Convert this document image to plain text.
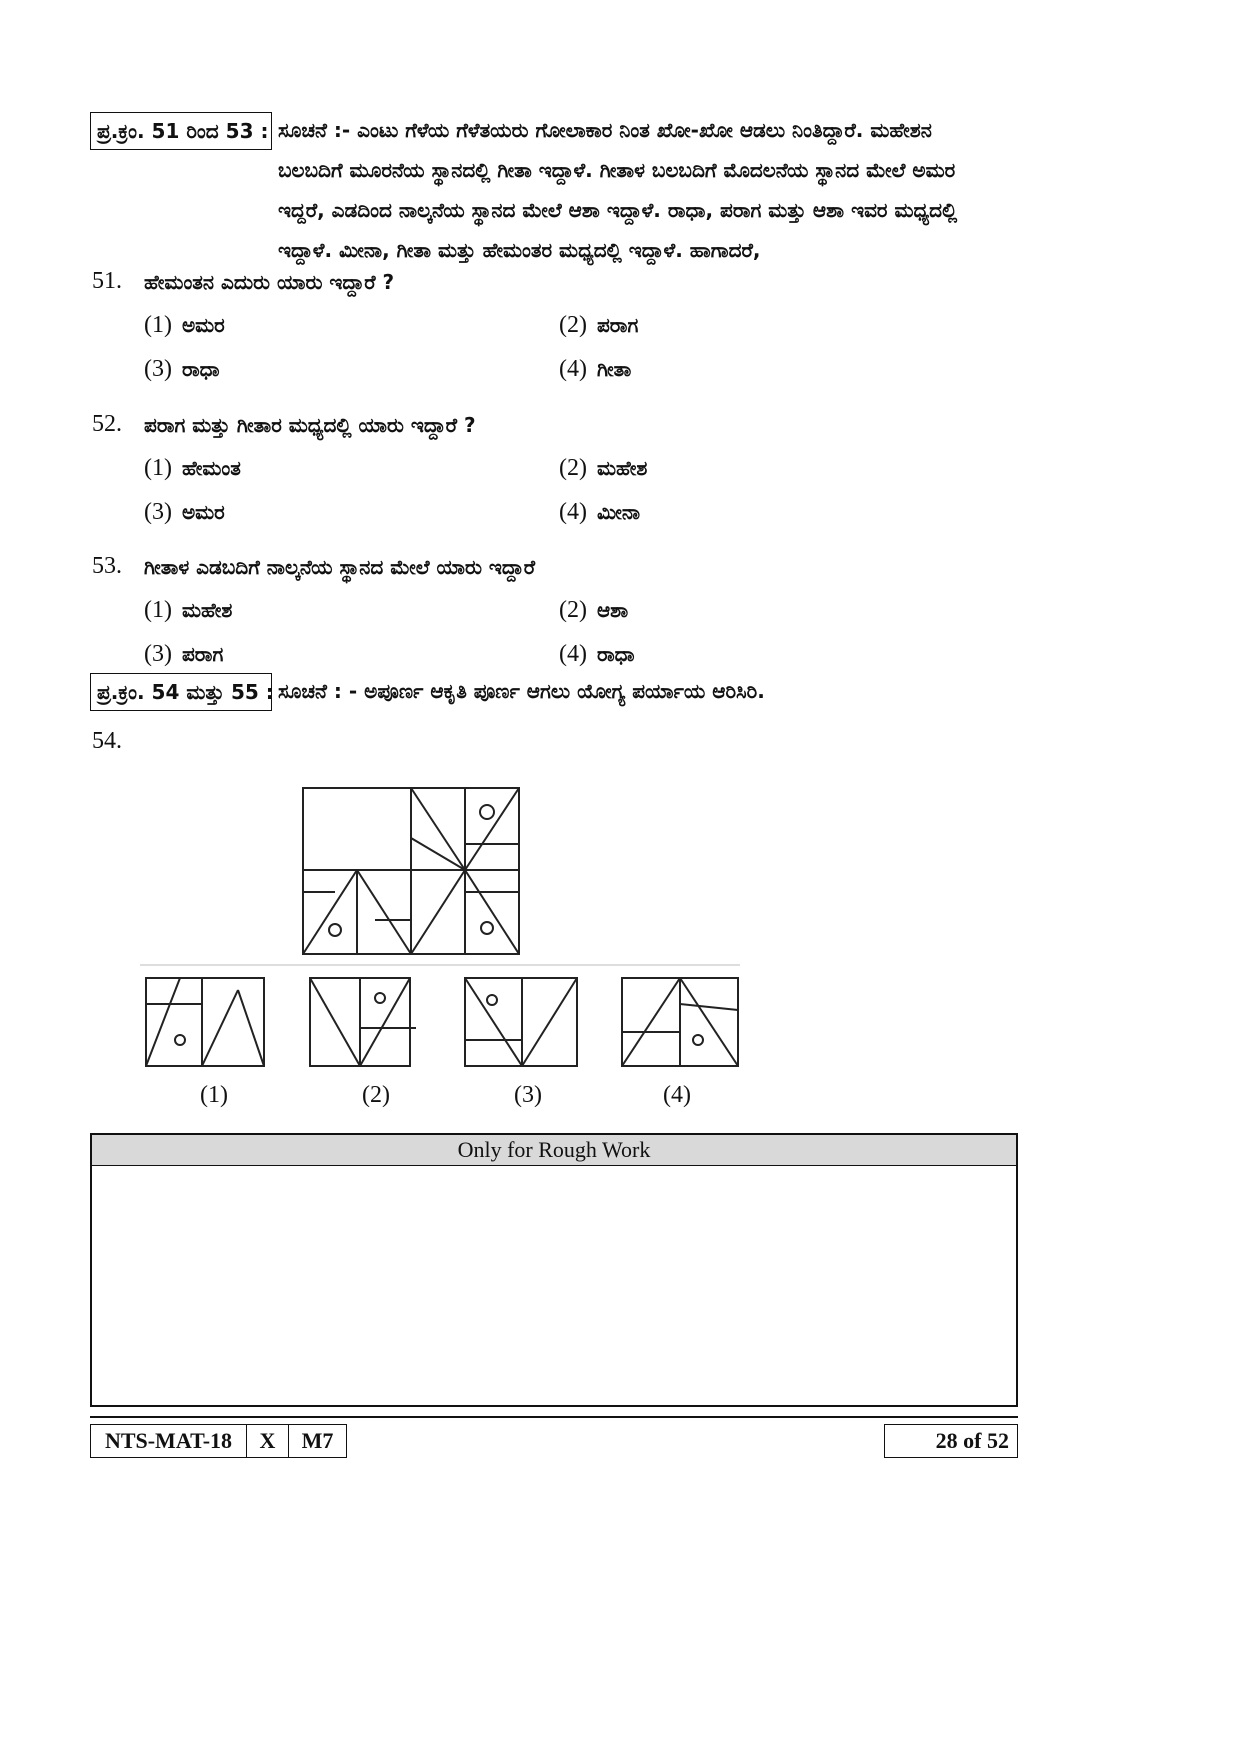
ಪ್ರ.ಕ್ರಂ. 51 ರಿಂದ 53 : ಸೂಚನೆ :- ಎಂಟು ಗೆಳೆಯ ಗೆಳೆತಯರು ಗೋಲಾಕಾರ ನಿಂತ ಖೋ-ಖೋ ಆಡಲು ನಿಂತಿದ್ದಾರೆ. ಮಹೇಶನ
ಬಲಬದಿಗೆ ಮೂರನೆಯ ಸ್ಥಾನದಲ್ಲಿ ಗೀತಾ ಇದ್ದಾಳೆ. ಗೀತಾಳ ಬಲಬದಿಗೆ ಮೊದಲನೆಯ ಸ್ಥಾನದ ಮೇಲೆ ಅಮರ
ಇದ್ದರೆ, ಎಡದಿಂದ ನಾಲ್ಕನೆಯ ಸ್ಥಾನದ ಮೇಲೆ ಆಶಾ ಇದ್ದಾಳೆ. ರಾಧಾ, ಪರಾಗ ಮತ್ತು ಆಶಾ ಇವರ ಮಧ್ಯದಲ್ಲಿ
ಇದ್ದಾಳೆ. ಮೀನಾ, ಗೀತಾ ಮತ್ತು ಹೇಮಂತರ ಮಧ್ಯದಲ್ಲಿ ಇದ್ದಾಳೆ. ಹಾಗಾದರೆ,
51.	ಹೇಮಂತನ ಎದುರು ಯಾರು ಇದ್ದಾರೆ ?
(1) ಅಮರ	(2) ಪರಾಗ
(3) ರಾಧಾ	(4) ಗೀತಾ
52.	ಪರಾಗ ಮತ್ತು ಗೀತಾರ ಮಧ್ಯದಲ್ಲಿ ಯಾರು ಇದ್ದಾರೆ ?
(1) ಹೇಮಂತ	(2) ಮಹೇಶ
(3) ಅಮರ	(4) ಮೀನಾ
53.	ಗೀತಾಳ ಎಡಬದಿಗೆ ನಾಲ್ಕನೆಯ ಸ್ಥಾನದ ಮೇಲೆ ಯಾರು ಇದ್ದಾರೆ
(1) ಮಹೇಶ	(2) ಆಶಾ
(3) ಪರಾಗ	(4) ರಾಧಾ
ಪ್ರ.ಕ್ರಂ. 54 ಮತ್ತು 55 : ಸೂಚನೆ : - ಅಪೂರ್ಣ ಆಕೃತಿ ಪೂರ್ಣ ಆಗಲು ಯೋಗ್ಯ ಪರ್ಯಾಯ ಆರಿಸಿರಿ.
54.
(1)	(2)	(3)	(4)
Only for Rough Work
NTS-MAT-18	X	M7	28 of 52
